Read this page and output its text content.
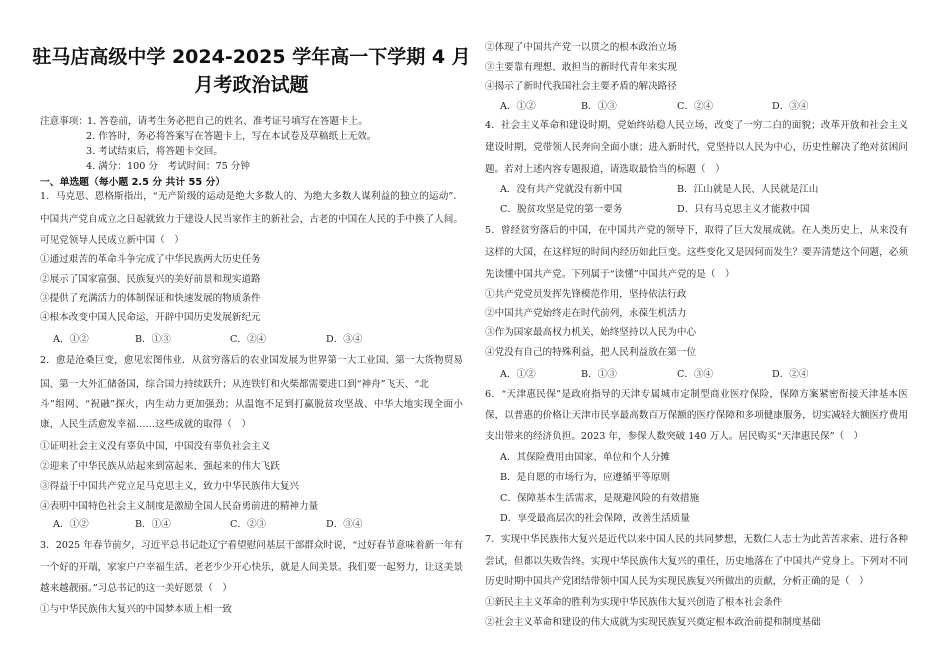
驻马店高级中学 2024-2025 学年高一下学期 4 月
月考政治试题
注意事项： 1. 答卷前，请考生务必把自己的姓名、准考证号填写在答题卡上。
2. 作答时，务必将答案写在答题卡上，写在本试卷及草稿纸上无效。
3. 考试结束后，将答题卡交回。
4. 满分：100 分　考试时间：75 分钟
一、单选题（每小题 2.5 分 共计 55 分）
1．马克思、恩格斯指出，“无产阶级的运动是绝大多数人的、为绝大多数人谋利益的独立的运动”．
中国共产党自成立之日起就致力于建设人民当家作主的新社会，古老的中国在人民的手中换了人间。
可见党领导人民成立新中国（　）
①通过艰苦的革命斗争完成了中华民族两大历史任务
②展示了国家富强、民族复兴的美好前景和现实道路
③提供了充满活力的体制保证和快速发展的物质条件
④根本改变中国人民命运，开辟中国历史发展新纪元
A．①②	B．①③	C．②④	D．③④
2．愈是沧桑巨变，愈见宏图伟业．从贫穷落后的农业国发展为世界第一大工业国、第一大货物贸易
国、第一大外汇储备国，综合国力持续跃升；从连铁钉和火柴都需要进口到“神舟”飞天、“北
斗”组网、“祝融”探火，内生动力更加强劲；从温饱不足到打赢脱贫攻坚战、中华大地实现全面小
康，人民生活愈发幸福……这些成就的取得（　）
①证明社会主义没有辜负中国，中国没有辜负社会主义
②迎来了中华民族从站起来到富起来、强起来的伟大飞跃
③得益于中国共产党立足马克思主义，致力中华民族伟大复兴
④表明中国特色社会主义制度是激励全国人民奋勇前进的精神力量
A．①②	B．①④	C．②③	D．③④
3．2025 年春节前夕，习近平总书记赴辽宁看望慰问基层干部群众时说，“过好春节意味着新一年有
一个好的开端，家家户户幸福生活、老老少少开心快乐，就是人间美景。我们要一起努力，让这美景
越来越靓丽。”习总书记的这一美好愿景（　）
①与中华民族伟大复兴的中国梦本质上相一致
②体现了中国共产党一以贯之的根本政治立场
③主要靠有理想、敢担当的新时代青年来实现
④揭示了新时代我国社会主要矛盾的解决路径
A．①②	B．①③	C．②④	D．③④
4．社会主义革命和建设时期，党始终站稳人民立场，改变了一穷二白的面貌；改革开放和社会主义
建设时期，党带领人民奔向全面小康；进入新时代，党坚持以人民为中心，历史性解决了绝对贫困问
题。若对上述内容专题报道，请选取最恰当的标题（　）
A．没有共产党就没有新中国	B．江山就是人民、人民就是江山
C．脱贫攻坚是党的第一要务	D．只有马克思主义才能救中国
5．曾经贫穷落后的中国，在中国共产党的领导下，取得了巨大发展成就。在人类历史上，从来没有
这样的大国，在这样短的时间内经历如此巨变。这些变化又是因何而发生？要弄清楚这个问题，必须
先读懂中国共产党。下列属于“读懂”中国共产党的是（　）
①共产党党员发挥先锋模范作用，坚持依法行政
②中国共产党始终走在时代前列，永葆生机活力
③作为国家最高权力机关，始终坚持以人民为中心
④党没有自己的特殊利益，把人民利益放在第一位
A．①②	B．①③	C．③④	D．②④
6．“天津惠民保”是政府指导的天津专属城市定制型商业医疗保险，保障方案紧密衔接天津基本医
保，以普惠的价格让天津市民享最高数百万保额的医疗保障和多项健康服务，切实减轻大额医疗费用
支出带来的经济负担。2023 年，参保人数突破 140 万人。居民购买“天津惠民保”（　）
A．其保险费用由国家、单位和个人分摊
B．是自愿的市场行为，应遵循平等原则
C．保障基本生活需求，是规避风险的有效措施
D．享受最高层次的社会保障，改善生活质量
7．实现中华民族伟大复兴是近代以来中国人民的共同梦想，无数仁人志士为此苦苦求索、进行各种
尝试，但都以失败告终。实现中华民族伟大复兴的重任，历史地落在了中国共产党身上。下列对不同
历史时期中国共产党团结带领中国人民为实现民族复兴所做出的贡献，分析正确的是（　）
①新民主主义革命的胜利为实现中华民族伟大复兴创造了根本社会条件
②社会主义革命和建设的伟大成就为实现民族复兴奠定根本政治前提和制度基础
